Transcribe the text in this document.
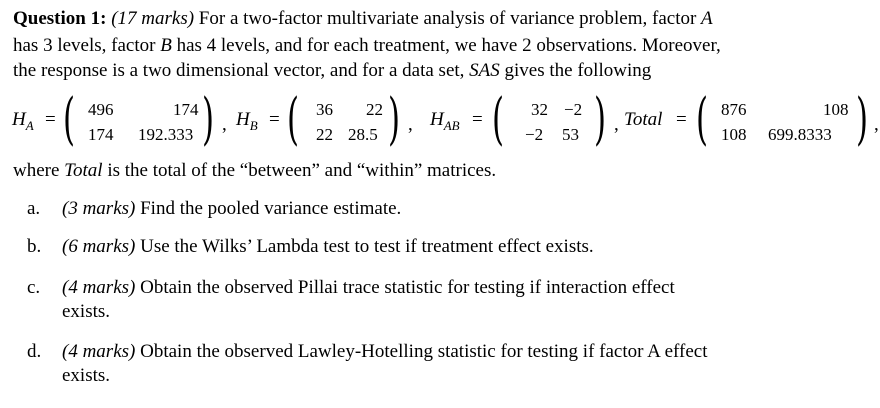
Question 1: (17 marks) For a two-factor multivariate analysis of variance problem, factor A
has 3 levels, factor B has 4 levels, and for each treatment, we have 2 observations. Moreover,
the response is a two dimensional vector, and for a data set, SAS gives the following
$H_A$ = ( 496	174
174 192.333 ) , $H_B$ = ( 36 22
22 28.5 ) , $H_{AB}$ = ( 32 −2
−2 53 ) , Total = ( 876	108
108 699.8333 ) ,
where Total is the total of the “between” and “within” matrices.
a. (3 marks) Find the pooled variance estimate.
b. (6 marks) Use the Wilks’ Lambda test to test if treatment effect exists.
c. (4 marks) Obtain the observed Pillai trace statistic for testing if interaction effect
exists.
d. (4 marks) Obtain the observed Lawley-Hotelling statistic for testing if factor A effect
exists.
